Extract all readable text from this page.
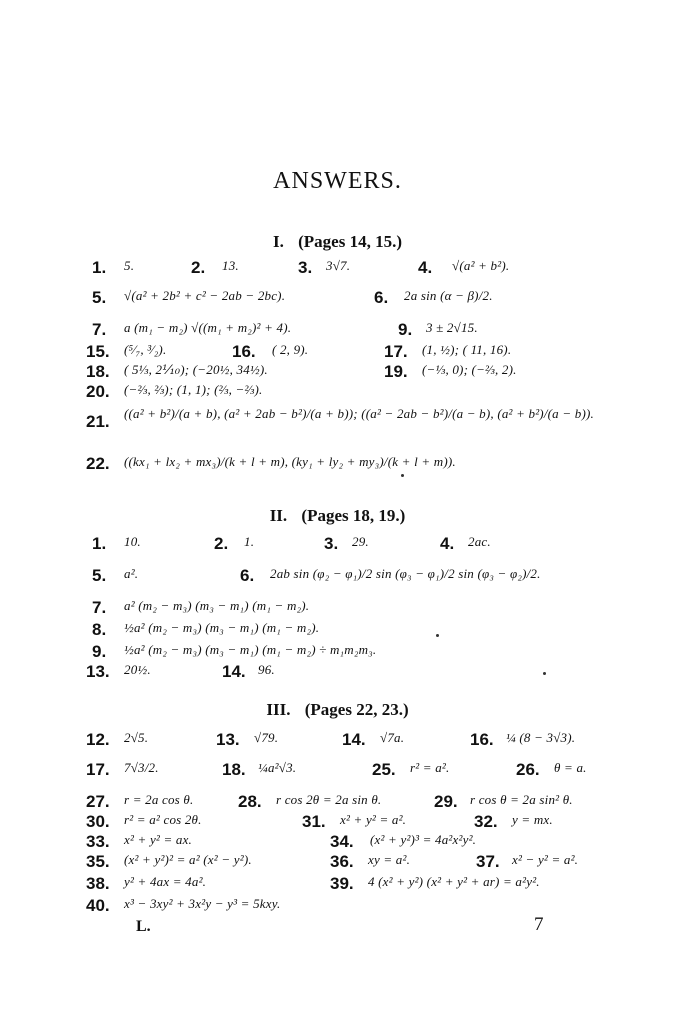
ANSWERS.
I. (Pages 14, 15.)
1. 5.	2. 13.	3. 3√7.	4. √(a² + b²).
5. √(a² + 2b² + c² − 2ab − 2bc).	6. 2a sin (α − β)/2.
7. a (m₁ − m₂) √((m₁ + m₂)² + 4).	9. 3 ± 2√15.
15. (⁵⁄₇, ³⁄₂).	16. ( 2, 9).	17. (1, ½); ( 11, 16).
18. ( 5⅓, 2⅒); (−20½, 34½).	19. (−⅓, 0); (−⅔, 2).
20. (−⅔, ⅔); (1, 1); (⅔, −⅔).
21. ((a² + b²)/(a + b), (a² + 2ab − b²)/(a + b)); ((a² − 2ab − b²)/(a − b), (a² + b²)/(a − b)).
22. ((kx₁ + lx₂ + mx₃)/(k + l + m), (ky₁ + ly₂ + my₃)/(k + l + m)).
II. (Pages 18, 19.)
1. 10.	2. 1.	3. 29.	4. 2ac.
5. a².	6. 2ab sin (φ₂ − φ₁)/2 sin (φ₃ − φ₁)/2 sin (φ₃ − φ₂)/2.
7. a² (m₂ − m₃) (m₃ − m₁) (m₁ − m₂).
8. ½a² (m₂ − m₃) (m₃ − m₁) (m₁ − m₂).
9. ½a² (m₂ − m₃) (m₃ − m₁) (m₁ − m₂) ÷ m₁m₂m₃.
13. 20½.	14. 96.
III. (Pages 22, 23.)
12. 2√5.	13. √79.	14. √7a.	16. ¼ (8 − 3√3).
17. 7√3/2.	18. ¼a²√3.	25. r² = a².	26. θ = a.
27. r = 2a cos θ.	28. r cos 2θ = 2a sin θ.	29. r cos θ = 2a sin² θ.
30. r² = a² cos 2θ.	31. x² + y² = a².	32. y = mx.
33. x² + y² = ax.	34. (x² + y²)³ = 4a²x²y².
35. (x² + y²)² = a² (x² − y²).	36. xy = a².	37. x² − y² = a².
38. y² + 4ax = 4a².	39. 4 (x² + y²) (x² + y² + ar) = a²y².
40. x³ − 3xy² + 3x²y − y³ = 5kxy.
L.	7
